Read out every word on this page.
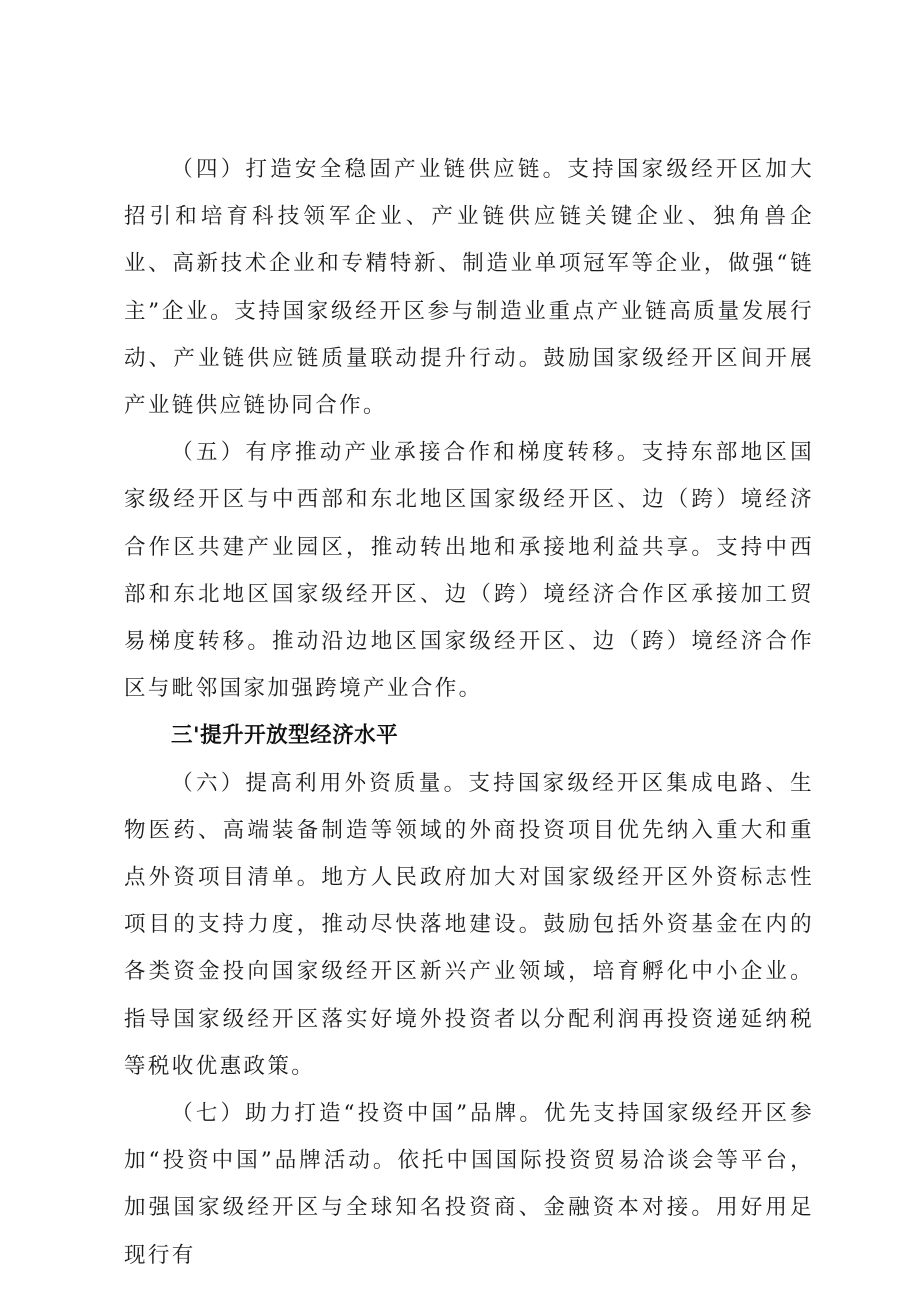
（四）打造安全稳固产业链供应链。支持国家级经开区加大招引和培育科技领军企业、产业链供应链关键企业、独角兽企业、高新技术企业和专精特新、制造业单项冠军等企业，做强“链主”企业。支持国家级经开区参与制造业重点产业链高质量发展行动、产业链供应链质量联动提升行动。鼓励国家级经开区间开展产业链供应链协同合作。

（五）有序推动产业承接合作和梯度转移。支持东部地区国家级经开区与中西部和东北地区国家级经开区、边（跨）境经济合作区共建产业园区，推动转出地和承接地利益共享。支持中西部和东北地区国家级经开区、边（跨）境经济合作区承接加工贸易梯度转移。推动沿边地区国家级经开区、边（跨）境经济合作区与毗邻国家加强跨境产业合作。

三'提升开放型经济水平

（六）提高利用外资质量。支持国家级经开区集成电路、生物医药、高端装备制造等领域的外商投资项目优先纳入重大和重点外资项目清单。地方人民政府加大对国家级经开区外资标志性项目的支持力度，推动尽快落地建设。鼓励包括外资基金在内的各类资金投向国家级经开区新兴产业领域，培育孵化中小企业。指导国家级经开区落实好境外投资者以分配利润再投资递延纳税等税收优惠政策。

（七）助力打造“投资中国”品牌。优先支持国家级经开区参加“投资中国”品牌活动。依托中国国际投资贸易洽谈会等平台，加强国家级经开区与全球知名投资商、金融资本对接。用好用足现行有
